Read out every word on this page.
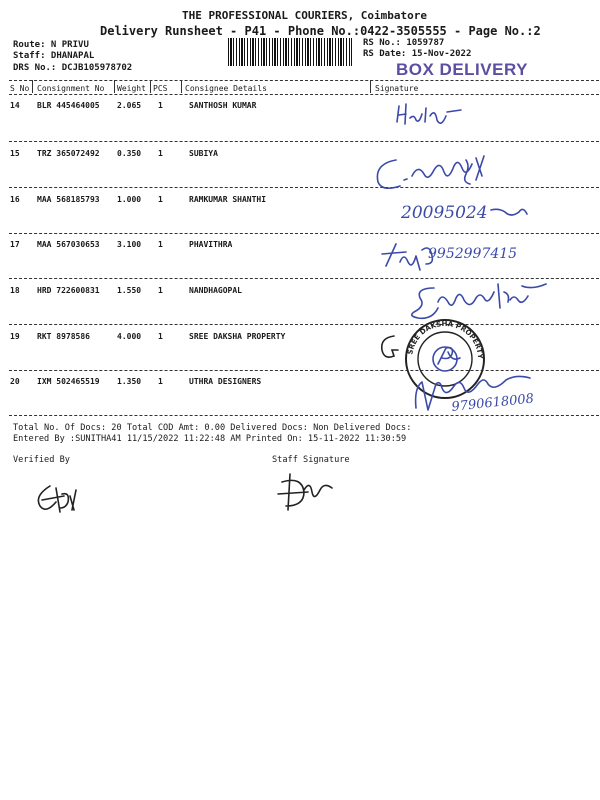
THE PROFESSIONAL COURIERS, Coimbatore
Delivery Runsheet - P41 - Phone No.:0422-3505555 - Page No.:2
Route: N PRIVU
Staff: DHANAPAL
DRS No.: DCJB105978702
RS No.: 1059787
RS Date: 15-Nov-2022
BOX DELIVERY
S No Consignment No Weight PCS Consignee Details	Signature
14 BLR 445464005 2.065 1	SANTHOSH KUMAR
15 TRZ 365072492 0.350 1	SUBIYA
16 MAA 568185793 1.000 1	RAMKUMAR SHANTHI
17 MAA 567030653 3.100 1	PHAVITHRA
18 HRD 722600831 1.550 1	NANDHAGOPAL
19 RKT 8978586	4.000 1	SREE DAKSHA PROPERTY
20 IXM 502465519 1.350 1	UTHRA DESIGNERS
20095024
9952997415
SREE DAKSHA PROPERTY
9790618008
Total No. Of Docs: 20 Total COD Amt: 0.00 Delivered Docs: Non Delivered Docs:
Entered By :SUNITHA41 11/15/2022 11:22:48 AM Printed On: 15-11-2022 11:30:59
Verified By	Staff Signature
